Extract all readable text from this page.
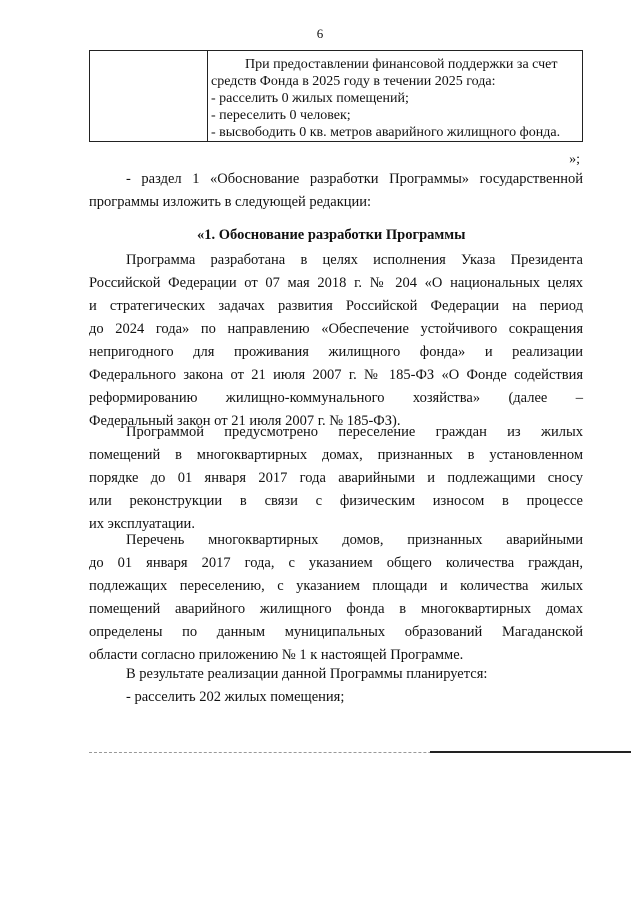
6
При предоставлении финансовой поддержки за счет
средств Фонда в 2025 году в течении 2025 года:
- расселить 0 жилых помещений;
- переселить 0 человек;
- высвободить 0 кв. метров аварийного жилищного фонда.
»;
- раздел 1 «Обоснование разработки Программы» государственной
программы изложить в следующей редакции:
«1. Обоснование разработки Программы
Программа разработана в целях исполнения Указа Президента
Российской Федерации от 07 мая 2018 г. № 204 «О национальных целях
и стратегических задачах развития Российской Федерации на период
до 2024 года» по направлению «Обеспечение устойчивого сокращения
непригодного для проживания жилищного фонда» и реализации
Федерального закона от 21 июля 2007 г. № 185-ФЗ «О Фонде содействия
реформированию жилищно-коммунального хозяйства» (далее –
Федеральный закон от 21 июля 2007 г. № 185-ФЗ).
Программой предусмотрено переселение граждан из жилых
помещений в многоквартирных домах, признанных в установленном
порядке до 01 января 2017 года аварийными и подлежащими сносу
или реконструкции в связи с физическим износом в процессе
их эксплуатации.
Перечень многоквартирных домов, признанных аварийными
до 01 января 2017 года, с указанием общего количества граждан,
подлежащих переселению, с указанием площади и количества жилых
помещений аварийного жилищного фонда в многоквартирных домах
определены по данным муниципальных образований Магаданской
области согласно приложению № 1 к настоящей Программе.
В результате реализации данной Программы планируется:
- расселить 202 жилых помещения;
